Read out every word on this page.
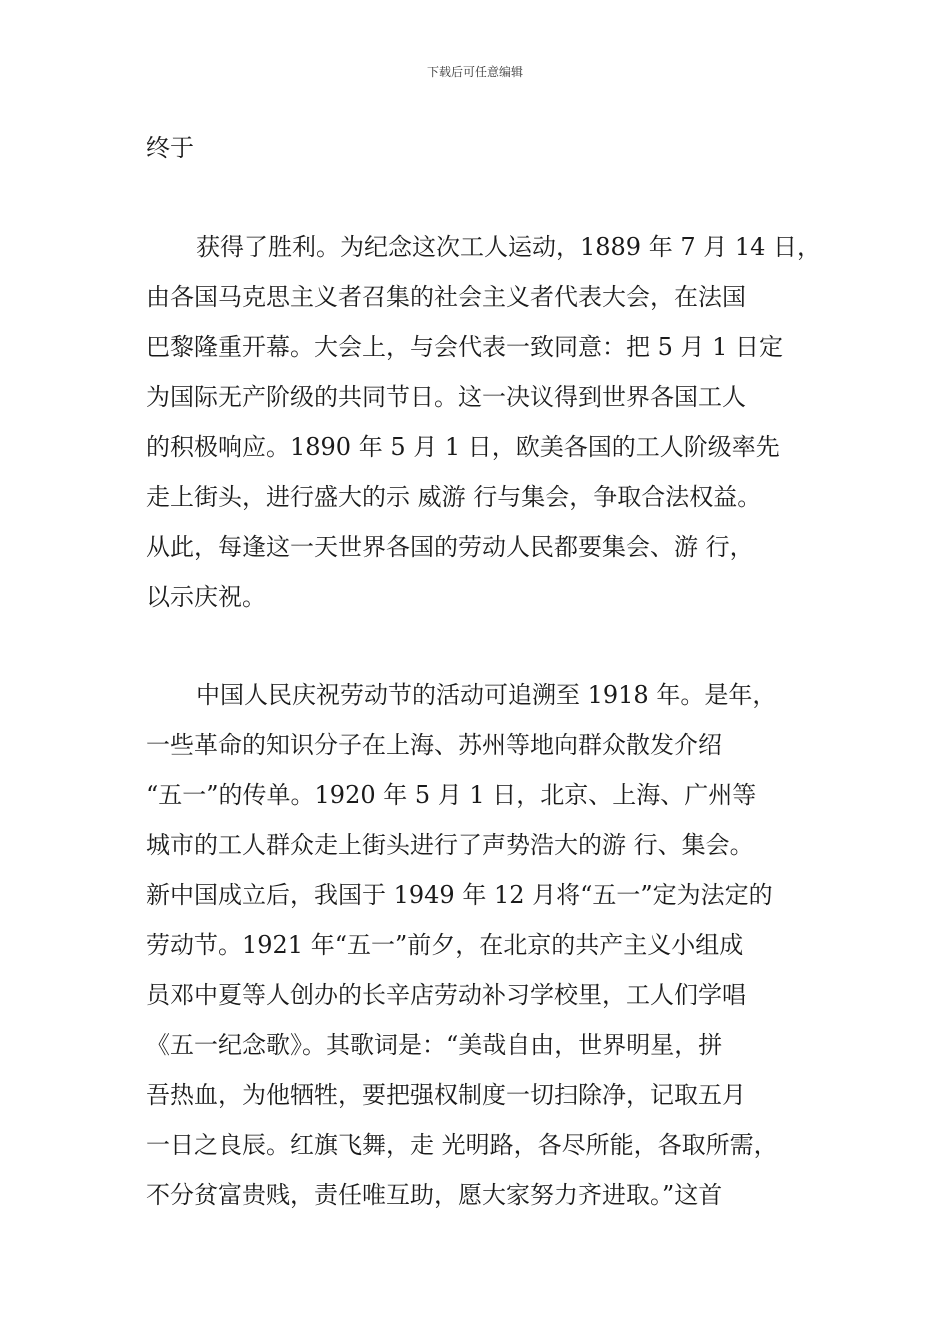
下载后可任意编辑
终于
获得了胜利。为纪念这次工人运动，1889 年 7 月 14 日，
由各国马克思主义者召集的社会主义者代表大会，在法国
巴黎隆重开幕。大会上，与会代表一致同意：把 5 月 1 日定
为国际无产阶级的共同节日。这一决议得到世界各国工人
的积极响应。1890 年 5 月 1 日，欧美各国的工人阶级率先
走上街头，进行盛大的示 威游 行与集会，争取合法权益。
从此，每逢这一天世界各国的劳动人民都要集会、游 行，
以示庆祝。
中国人民庆祝劳动节的活动可追溯至 1918 年。是年，
一些革命的知识分子在上海、苏州等地向群众散发介绍
“五一”的传单。1920 年 5 月 1 日，北京、上海、广州等
城市的工人群众走上街头进行了声势浩大的游 行、集会。
新中国成立后，我国于 1949 年 12 月将“五一”定为法定的
劳动节。1921 年“五一”前夕，在北京的共产主义小组成
员邓中夏等人创办的长辛店劳动补习学校里，工人们学唱
《五一纪念歌》。其歌词是：“美哉自由，世界明星，拼
吾热血，为他牺牲，要把强权制度一切扫除净，记取五月
一日之良辰。红旗飞舞，走 光明路，各尽所能，各取所需，
不分贫富贵贱，责任唯互助，愿大家努力齐进取。”这首
